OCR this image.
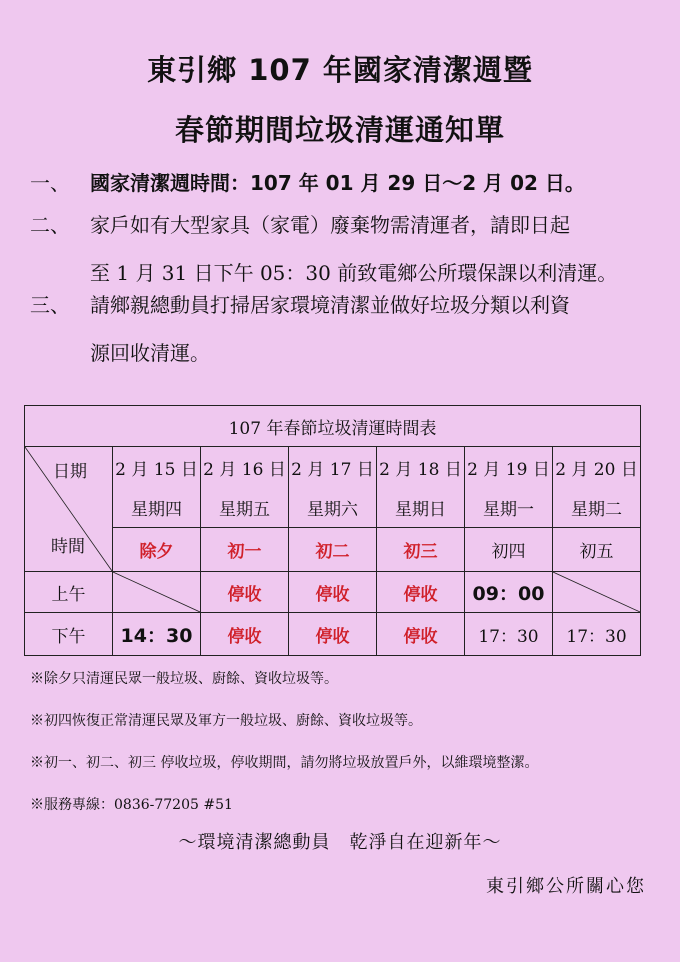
東引鄉 107 年國家清潔週暨
春節期間垃圾清運通知單
一、	國家清潔週時間：107 年 01 月 29 日～2 月 02 日。
二、	家戶如有大型家具（家電）廢棄物需清運者，請即日起
至 1 月 31 日下午 05：30 前致電鄉公所環保課以利清運。
三、	請鄉親總動員打掃居家環境清潔並做好垃圾分類以利資
源回收清運。
107 年春節垃圾清運時間表						

日期
時間	2 月 15 日	2 月 16 日	2 月 17 日	2 月 18 日	2 月 19 日	2 月 20 日
	星期四	星期五	星期六	星期日	星期一	星期二
	除夕	初一	初二	初三	初四	初五
上午		停收	停收	停收	09：00	

下午	14：30	停收	停收	停收	17：30	17：30
※除夕只清運民眾一般垃圾、廚餘、資收垃圾等。
※初四恢復正常清運民眾及軍方一般垃圾、廚餘、資收垃圾等。
※初一、初二、初三 停收垃圾，停收期間，請勿將垃圾放置戶外，以維環境整潔。
※服務專線：0836-77205 #51
～環境清潔總動員　乾淨自在迎新年～
東引鄉公所關心您
